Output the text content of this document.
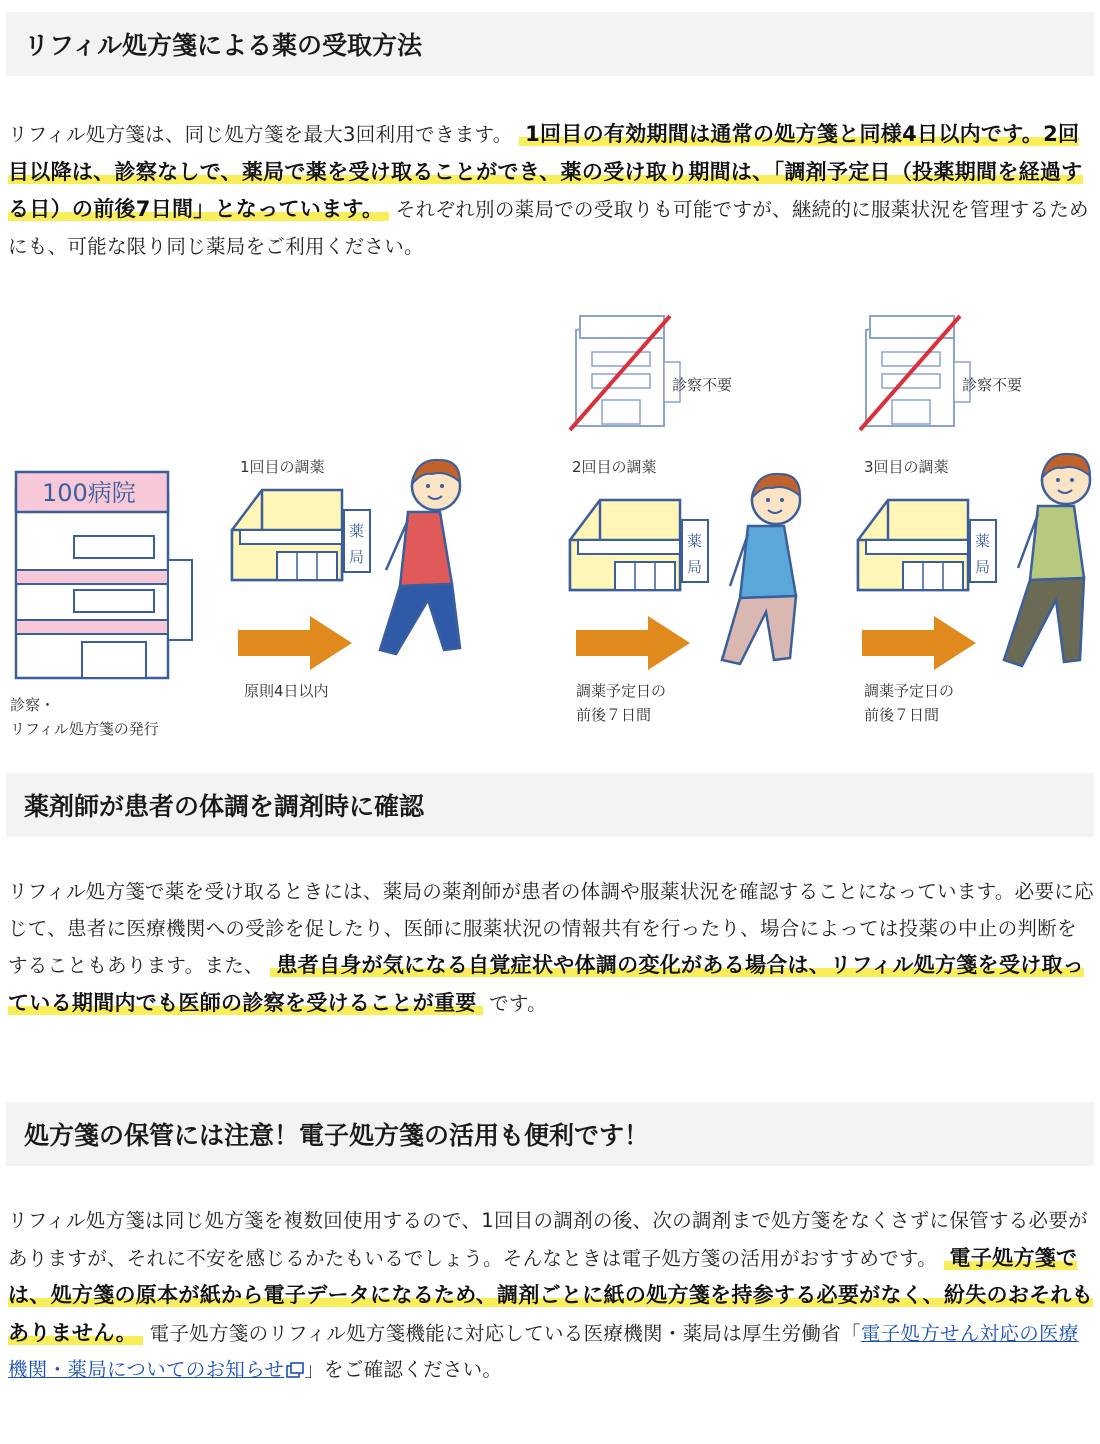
リフィル処方箋による薬の受取方法
リフィル処方箋は、同じ処方箋を最大3回利用できます。 1回目の有効期間は通常の処方箋と同様4日以内です。2回目以降は、診察なしで、薬局で薬を受け取ることができ、薬の受け取り期間は、「調剤予定日（投薬期間を経過する日）の前後7日間」となっています。 それぞれ別の薬局での受取りも可能ですが、継続的に服薬状況を管理するためにも、可能な限り同じ薬局をご利用ください。
100病院
診察・
リフィル処方箋の発行
1回目の調薬
薬
局
原則4日以内
診察不要
2回目の調薬
薬
局
調薬予定日の
前後７日間
診察不要
3回目の調薬
薬
局
調薬予定日の
前後７日間
薬剤師が患者の体調を調剤時に確認
リフィル処方箋で薬を受け取るときには、薬局の薬剤師が患者の体調や服薬状況を確認することになっています。必要に応じて、患者に医療機関への受診を促したり、医師に服薬状況の情報共有を行ったり、場合によっては投薬の中止の判断をすることもあります。また、 患者自身が気になる自覚症状や体調の変化がある場合は、リフィル処方箋を受け取っている期間内でも医師の診察を受けることが重要 です。
処方箋の保管には注意！電子処方箋の活用も便利です！
リフィル処方箋は同じ処方箋を複数回使用するので、1回目の調剤の後、次の調剤まで処方箋をなくさずに保管する必要がありますが、それに不安を感じるかたもいるでしょう。そんなときは電子処方箋の活用がおすすめです。 電子処方箋では、処方箋の原本が紙から電子データになるため、調剤ごとに紙の処方箋を持参する必要がなく、紛失のおそれもありません。 電子処方箋のリフィル処方箋機能に対応している医療機関・薬局は厚生労働省「電子処方せん対応の医療機関・薬局についてのお知らせ 」をご確認ください。
